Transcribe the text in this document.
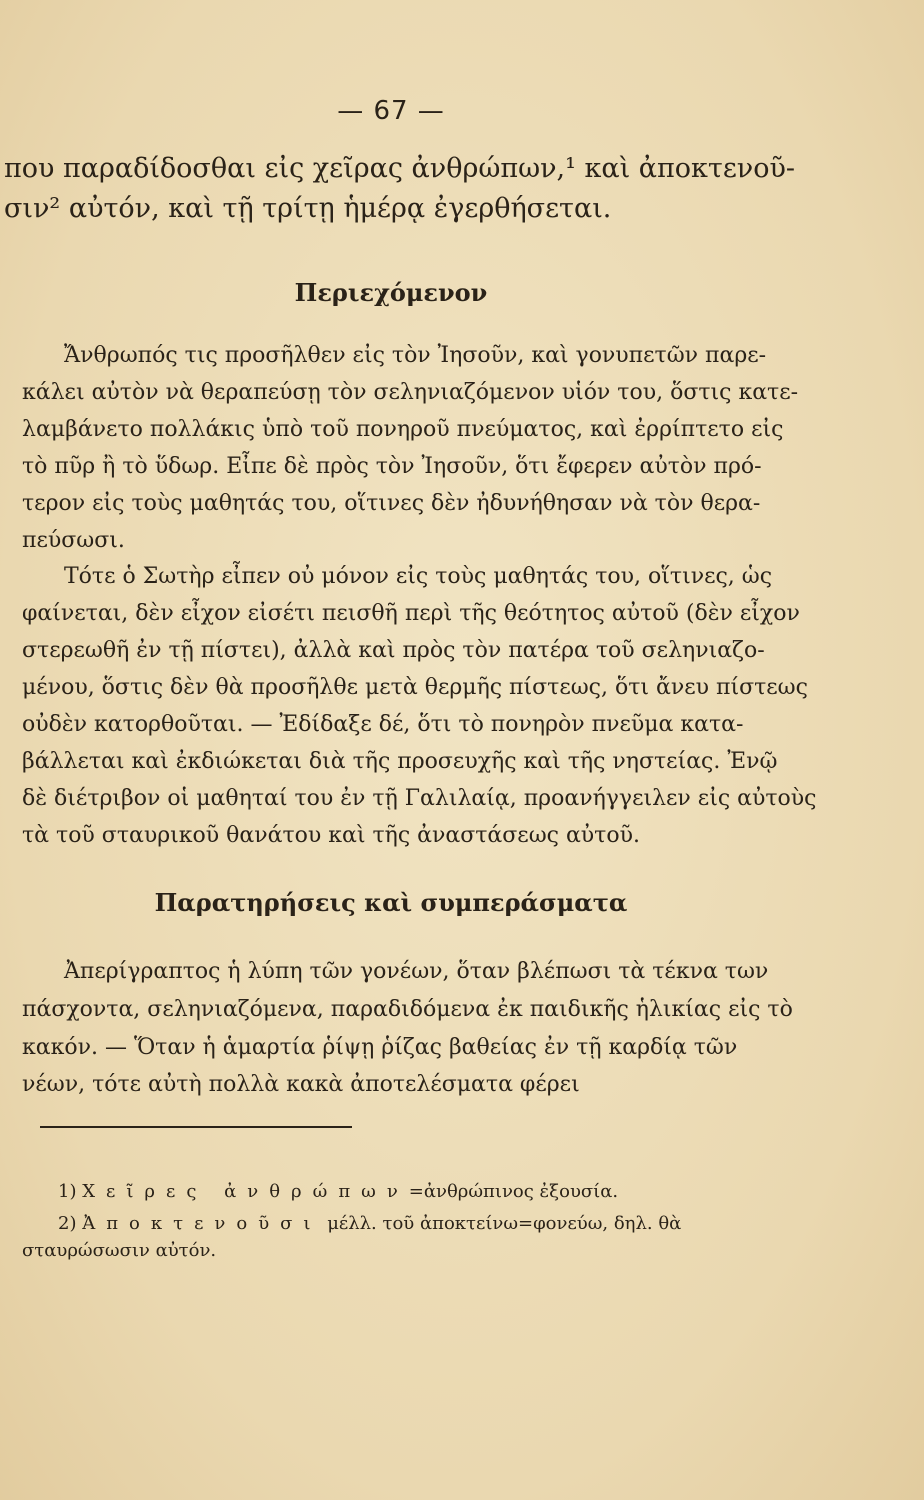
— 67 —
που παραδίδοσθαι εἰς χεῖρας ἀνθρώπων,¹ καὶ ἀποκτενοῦ-
σιν² αὐτόν, καὶ τῇ τρίτῃ ἡμέρᾳ ἐγερθήσεται.
Περιεχόμενον
Ἄνθρωπός τις προσῆλθεν εἰς τὸν Ἰησοῦν, καὶ γονυπετῶν παρε-
κάλει αὐτὸν νὰ θεραπεύσῃ τὸν σεληνιαζόμενον υἱόν του, ὅστις κατε-
λαμβάνετο πολλάκις ὑπὸ τοῦ πονηροῦ πνεύματος, καὶ ἐρρίπτετο εἰς
τὸ πῦρ ἢ τὸ ὕδωρ. Εἶπε δὲ πρὸς τὸν Ἰησοῦν, ὅτι ἔφερεν αὐτὸν πρό-
τερον εἰς τοὺς μαθητάς του, οἵτινες δὲν ἠδυνήθησαν νὰ τὸν θερα-
πεύσωσι.
Τότε ὁ Σωτὴρ εἶπεν οὐ μόνον εἰς τοὺς μαθητάς του, οἵτινες, ὡς
φαίνεται, δὲν εἶχον εἰσέτι πεισθῆ περὶ τῆς θεότητος αὐτοῦ (δὲν εἶχον
στερεωθῆ ἐν τῇ πίστει), ἀλλὰ καὶ πρὸς τὸν πατέρα τοῦ σεληνιαζο-
μένου, ὅστις δὲν θὰ προσῆλθε μετὰ θερμῆς πίστεως, ὅτι ἄνευ πίστεως
οὐδὲν κατορθοῦται. — Ἐδίδαξε δέ, ὅτι τὸ πονηρὸν πνεῦμα κατα-
βάλλεται καὶ ἐκδιώκεται διὰ τῆς προσευχῆς καὶ τῆς νηστείας. Ἐνῷ
δὲ διέτριβον οἱ μαθηταί του ἐν τῇ Γαλιλαίᾳ, προανήγγειλεν εἰς αὐτοὺς
τὰ τοῦ σταυρικοῦ θανάτου καὶ τῆς ἀναστάσεως αὐτοῦ.
Παρατηρήσεις καὶ συμπεράσματα
Ἀπερίγραπτος ἡ λύπη τῶν γονέων, ὅταν βλέπωσι τὰ τέκνα των
πάσχοντα, σεληνιαζόμενα, παραδιδόμενα ἐκ παιδικῆς ἡλικίας εἰς τὸ
κακόν. — Ὅταν ἡ ἁμαρτία ῥίψῃ ῥίζας βαθείας ἐν τῇ καρδίᾳ τῶν
νέων, τότε αὐτὴ πολλὰ κακὰ ἀποτελέσματα φέρει
1) Χεῖρες ἀνθρώπων=ἀνθρώπινος ἐξουσία.
2) Ἀποκτενοῦσι μέλλ. τοῦ ἀποκτείνω=φονεύω, δηλ. θὰ
σταυρώσωσιν αὐτόν.
